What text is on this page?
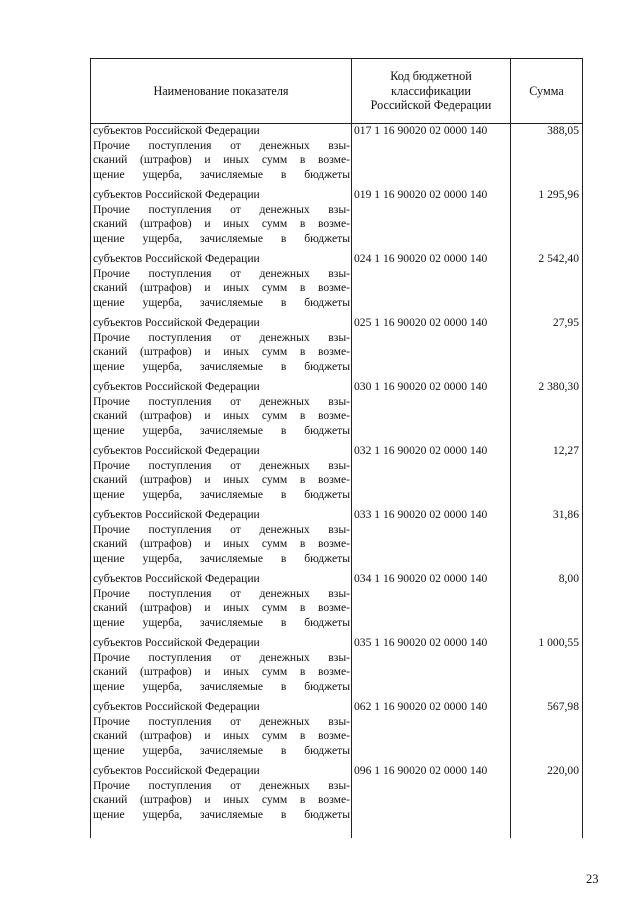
Наименование показателя	Код бюджетной
классификации
Российской Федерации	Сумма

субъектов Российской Федерации
Прочие поступления от денежных взы-
сканий (штрафов) и иных сумм в возме-
щение ущерба, зачисляемые в бюджеты	017 1 16 90020 02 0000 140	388,05

субъектов Российской Федерации
Прочие поступления от денежных взы-
сканий (штрафов) и иных сумм в возме-
щение ущерба, зачисляемые в бюджеты	019 1 16 90020 02 0000 140	1 295,96

субъектов Российской Федерации
Прочие поступления от денежных взы-
сканий (штрафов) и иных сумм в возме-
щение ущерба, зачисляемые в бюджеты	024 1 16 90020 02 0000 140	2 542,40

субъектов Российской Федерации
Прочие поступления от денежных взы-
сканий (штрафов) и иных сумм в возме-
щение ущерба, зачисляемые в бюджеты	025 1 16 90020 02 0000 140	27,95

субъектов Российской Федерации
Прочие поступления от денежных взы-
сканий (штрафов) и иных сумм в возме-
щение ущерба, зачисляемые в бюджеты	030 1 16 90020 02 0000 140	2 380,30

субъектов Российской Федерации
Прочие поступления от денежных взы-
сканий (штрафов) и иных сумм в возме-
щение ущерба, зачисляемые в бюджеты	032 1 16 90020 02 0000 140	12,27

субъектов Российской Федерации
Прочие поступления от денежных взы-
сканий (штрафов) и иных сумм в возме-
щение ущерба, зачисляемые в бюджеты	033 1 16 90020 02 0000 140	31,86

субъектов Российской Федерации
Прочие поступления от денежных взы-
сканий (штрафов) и иных сумм в возме-
щение ущерба, зачисляемые в бюджеты	034 1 16 90020 02 0000 140	8,00

субъектов Российской Федерации
Прочие поступления от денежных взы-
сканий (штрафов) и иных сумм в возме-
щение ущерба, зачисляемые в бюджеты	035 1 16 90020 02 0000 140	1 000,55

субъектов Российской Федерации
Прочие поступления от денежных взы-
сканий (штрафов) и иных сумм в возме-
щение ущерба, зачисляемые в бюджеты	062 1 16 90020 02 0000 140	567,98

субъектов Российской Федерации
Прочие поступления от денежных взы-
сканий (штрафов) и иных сумм в возме-
щение ущерба, зачисляемые в бюджеты	096 1 16 90020 02 0000 140	220,00

23
